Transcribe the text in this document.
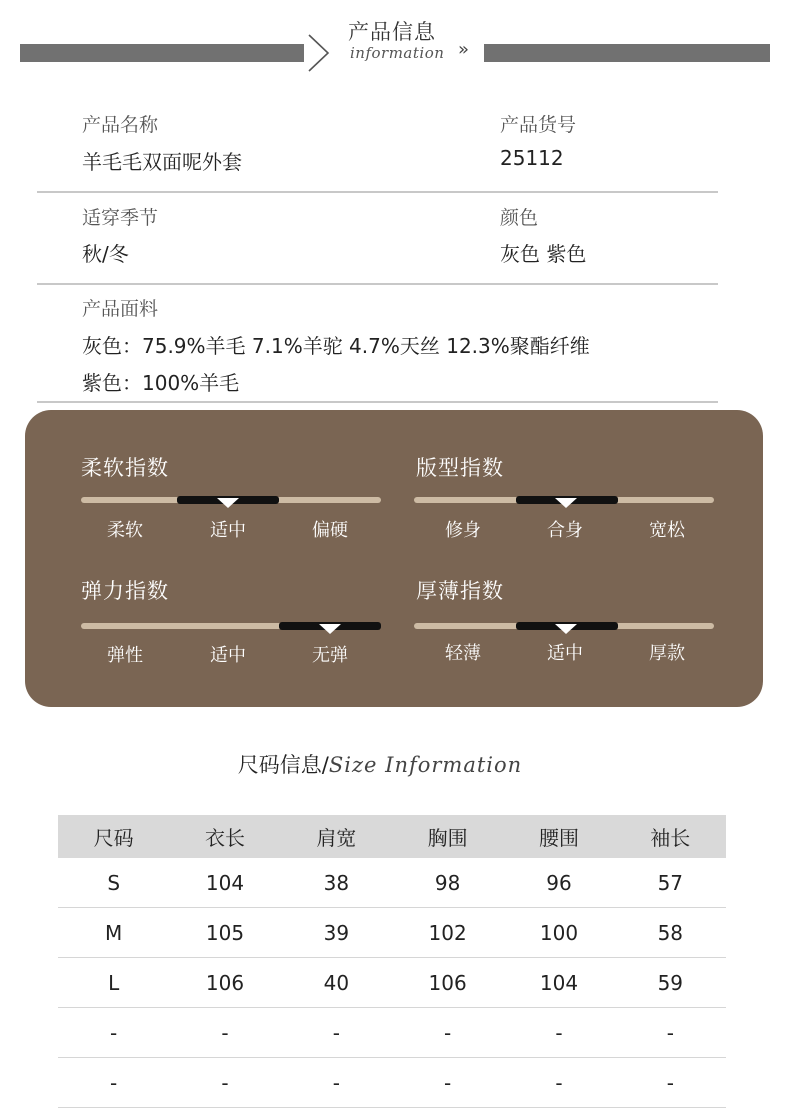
产品信息
information »
产品名称
羊毛毛双面呢外套
产品货号
25112
适穿季节
秋/冬
颜色
灰色 紫色
产品面料
灰色：75.9%羊毛 7.1%羊驼 4.7%天丝 12.3%聚酯纤维
紫色：100%羊毛
柔软指数
柔软	适中	偏硬
版型指数
修身	合身	宽松
弹力指数
弹性	适中	无弹
厚薄指数
轻薄	适中	厚款
尺码信息/Size Information
尺码	衣长	肩宽	胸围	腰围	袖长
S	104	38	98	96	57
M	105	39	102	100	58
L	106	40	106	104	59
-	-	-	-	-	-
-	-	-	-	-	-
